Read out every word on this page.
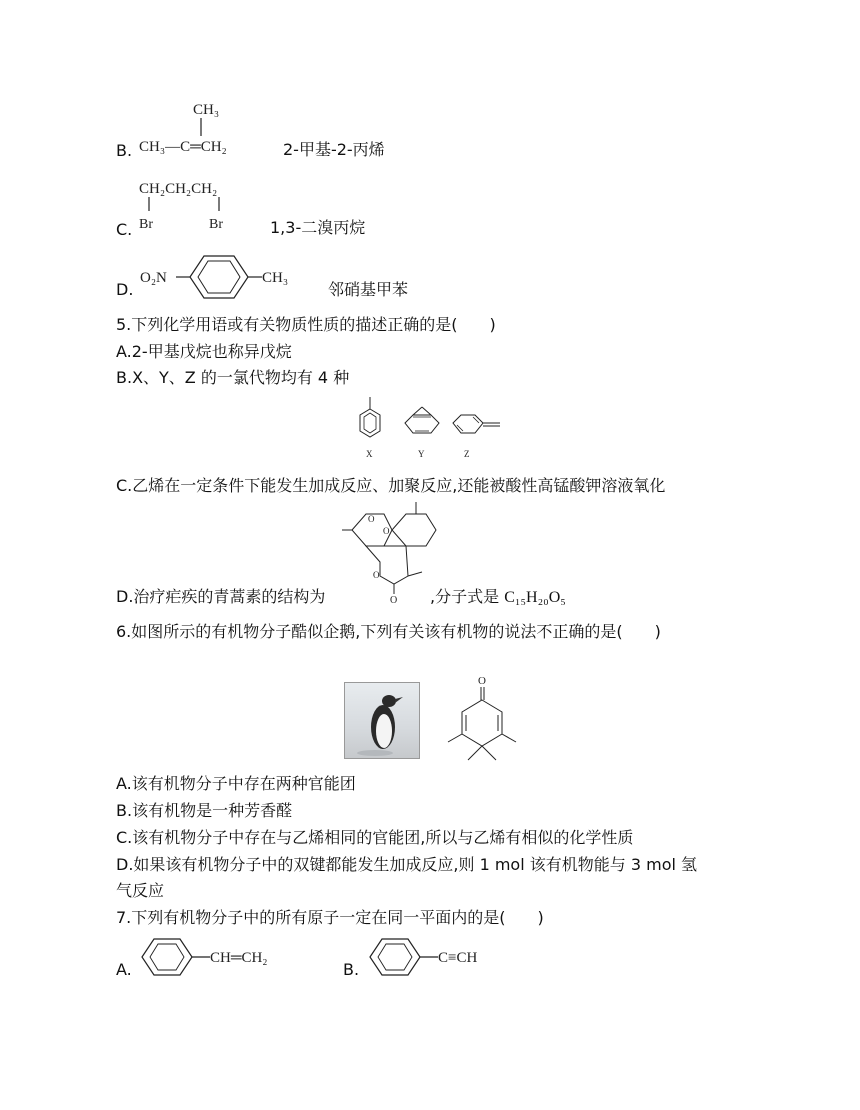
B.
CH₃
CH₃—C═CH₂	2-甲基-2-丙烯
C.
CH₂CH₂CH₂
Br	Br	1,3-二溴丙烷
D.
O₂N	CH₃
邻硝基甲苯
5.下列化学用语或有关物质性质的描述正确的是(　　)
A.2-甲基戊烷也称异戊烷
B.X、Y、Z 的一氯代物均有 4 种
X	Y	Z
C.乙烯在一定条件下能发生加成反应、加聚反应,还能被酸性高锰酸钾溶液氧化
O
O
O
O
D.治疗疟疾的青蒿素的结构为	,分子式是 C₁₅H₂₀O₅
6.如图所示的有机物分子酷似企鹅,下列有关该有机物的说法不正确的是(　　)
O
A.该有机物分子中存在两种官能团
B.该有机物是一种芳香醛
C.该有机物分子中存在与乙烯相同的官能团,所以与乙烯有相似的化学性质
D.如果该有机物分子中的双键都能发生加成反应,则 1 mol 该有机物能与 3 mol 氢
气反应
7.下列有机物分子中的所有原子一定在同一平面内的是(　　)
A.
CH═CH₂
B.
C≡CH
